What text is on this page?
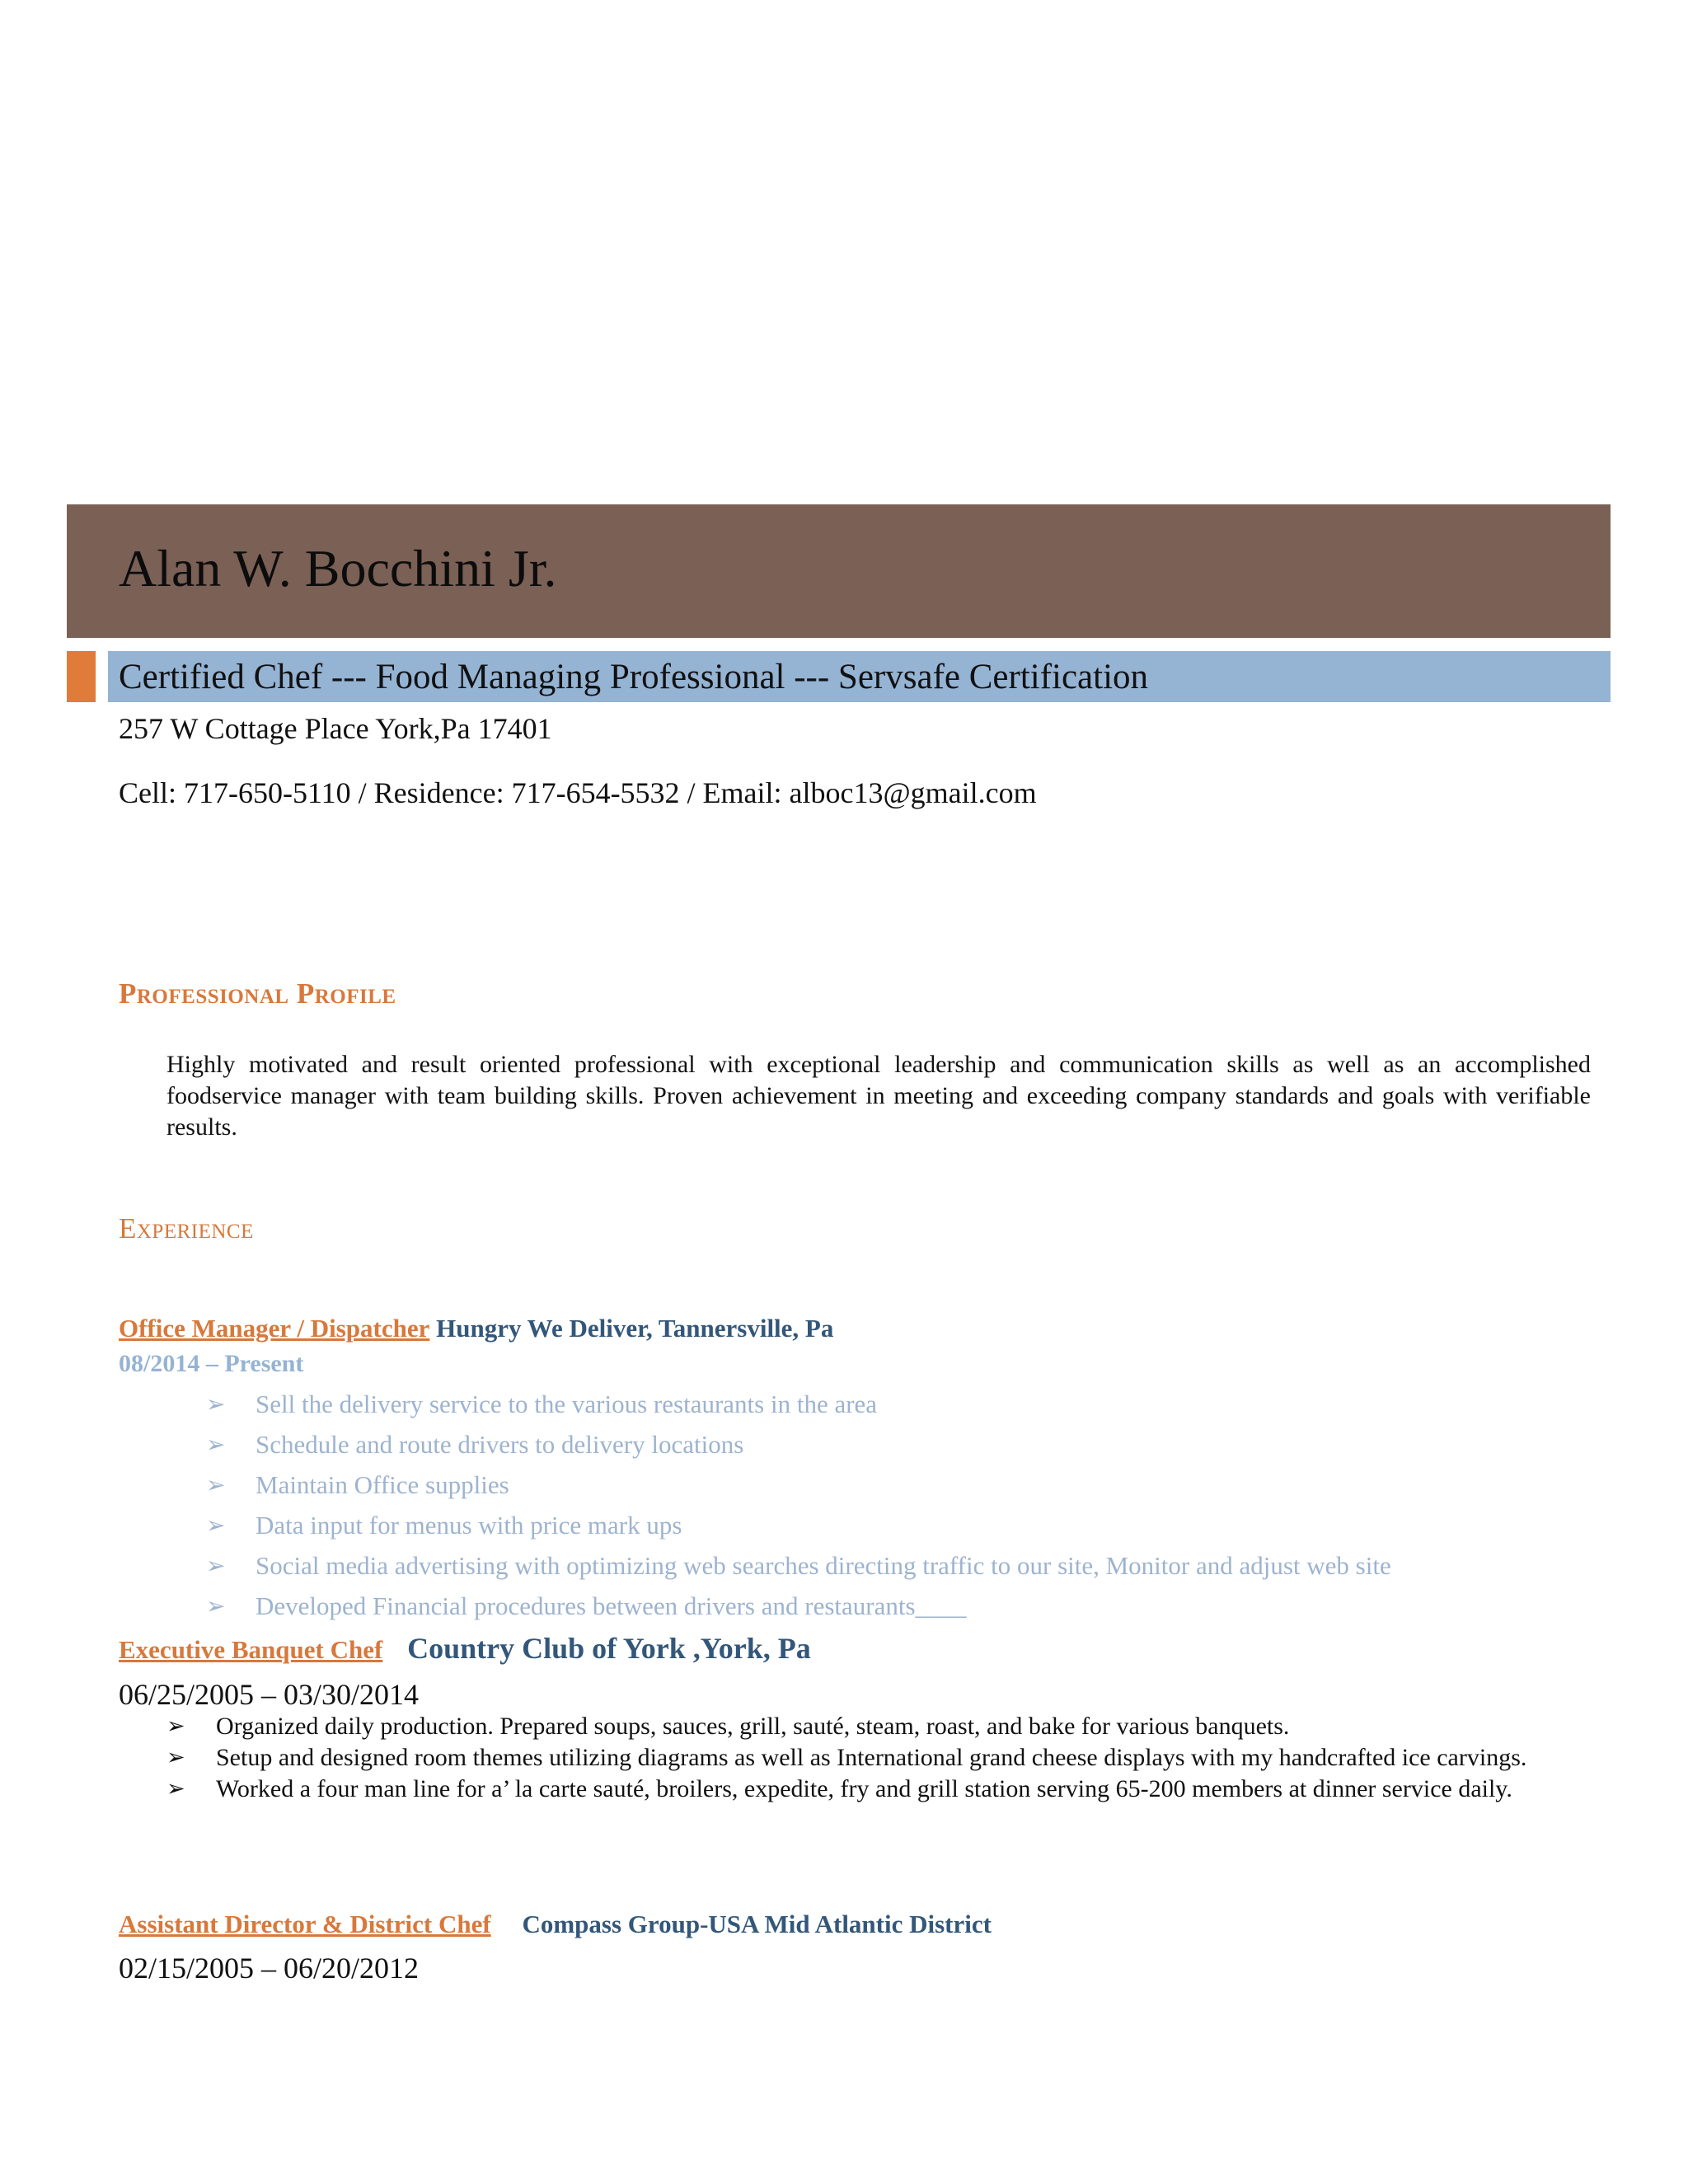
Alan W. Bocchini Jr.
Certified Chef --- Food Managing Professional --- Servsafe Certification
257 W Cottage Place York,Pa 17401
Cell: 717-650-5110 / Residence: 717-654-5532 / Email: alboc13@gmail.com
Professional Profile
Highly motivated and result oriented professional with exceptional leadership and communication skills as well as an accomplished foodservice manager with team building skills. Proven achievement in meeting and exceeding company standards and goals with verifiable results.
Experience
Office Manager / Dispatcher Hungry We Deliver, Tannersville, Pa
08/2014 – Present
➢ Sell the delivery service to the various restaurants in the area
➢ Schedule and route drivers to delivery locations
➢ Maintain Office supplies
➢ Data input for menus with price mark ups
➢ Social media advertising with optimizing web searches directing traffic to our site, Monitor and adjust web site
➢ Developed Financial procedures between drivers and restaurants____
Executive Banquet Chef Country Club of York ,York, Pa
06/25/2005 – 03/30/2014
➢ Organized daily production. Prepared soups, sauces, grill, sauté, steam, roast, and bake for various banquets.
➢ Setup and designed room themes utilizing diagrams as well as International grand cheese displays with my handcrafted ice carvings.
➢ Worked a four man line for a’ la carte sauté, broilers, expedite, fry and grill station serving 65-200 members at dinner service daily.
Assistant Director & District Chef Compass Group-USA Mid Atlantic District
02/15/2005 – 06/20/2012
